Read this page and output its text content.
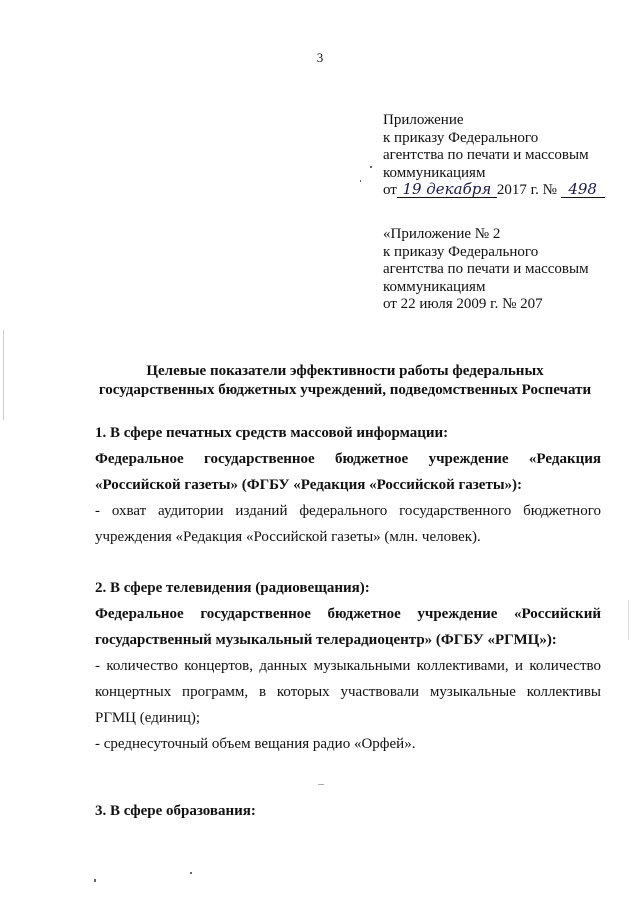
3
Приложение
к приказу Федерального
агентства по печати и массовым
коммуникациям
от 19 декабря 2017 г. № 498
«Приложение № 2
к приказу Федерального
агентства по печати и массовым
коммуникациям
от 22 июля 2009 г. № 207
Целевые показатели эффективности работы федеральных
государственных бюджетных учреждений, подведомственных Роспечати
1. В сфере печатных средств массовой информации:
Федеральное государственное бюджетное учреждение «Редакция
«Российской газеты» (ФГБУ «Редакция «Российской газеты»):
- охват аудитории изданий федерального государственного бюджетного
учреждения «Редакция «Российской газеты» (млн. человек).
2. В сфере телевидения (радиовещания):
Федеральное государственное бюджетное учреждение «Российский
государственный музыкальный телерадиоцентр» (ФГБУ «РГМЦ»):
- количество концертов, данных музыкальными коллективами, и количество
концертных программ, в которых участвовали музыкальные коллективы
РГМЦ (единиц);
- среднесуточный объем вещания радио «Орфей».
3. В сфере образования:
